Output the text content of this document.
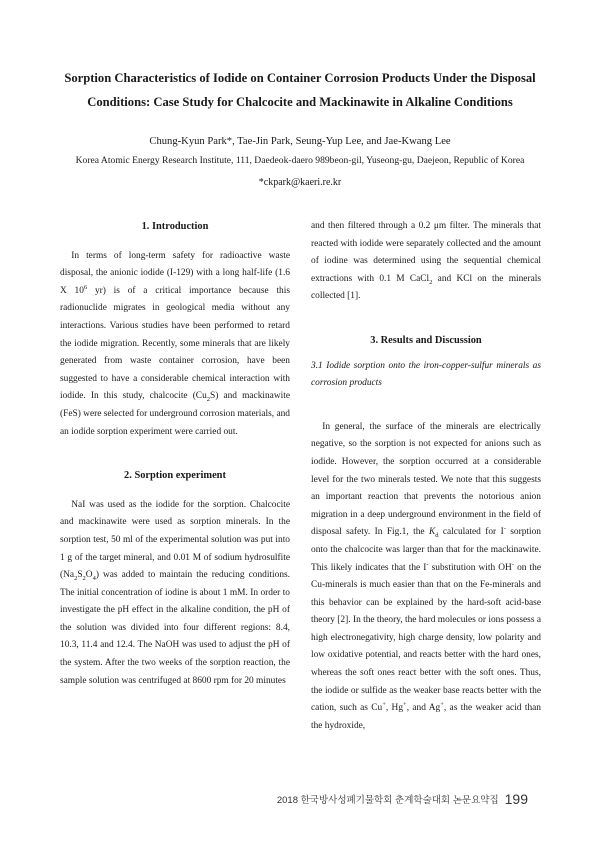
Sorption Characteristics of Iodide on Container Corrosion Products Under the Disposal
Conditions: Case Study for Chalcocite and Mackinawite in Alkaline Conditions
Chung-Kyun Park*, Tae-Jin Park, Seung-Yup Lee, and Jae-Kwang Lee
Korea Atomic Energy Research Institute, 111, Daedeok-daero 989beon-gil, Yuseong-gu, Daejeon, Republic of Korea
*ckpark@kaeri.re.kr
1. Introduction

In terms of long-term safety for radioactive waste disposal, the anionic iodide (I-129) with a long half-life (1.6 X $10^6$ yr) is of a critical importance because this radionuclide migrates in geological media without any interactions. Various studies have been performed to retard the iodide migration. Recently, some minerals that are likely generated from waste container corrosion, have been suggested to have a considerable chemical interaction with iodide. In this study, chalcocite $(Cu_2S)$ and mackinawite (FeS) were selected for underground corrosion materials, and an iodide sorption experiment were carried out.

2. Sorption experiment

NaI was used as the iodide for the sorption. Chalcocite and mackinawite were used as sorption minerals. In the sorption test, 50 ml of the experimental solution was put into 1 g of the target mineral, and 0.01 M of sodium hydrosulfite $(Na_2S_2O_4)$ was added to maintain the reducing conditions. The initial concentration of iodine is about 1 mM. In order to investigate the pH effect in the alkaline condition, the pH of the solution was divided into four different regions: 8.4, 10.3, 11.4 and 12.4. The NaOH was used to adjust the pH of the system. After the two weeks of the sorption reaction, the sample solution was centrifuged at 8600 rpm for 20 minutes

and then filtered through a 0.2 μm filter. The minerals that reacted with iodide were separately collected and the amount of iodine was determined using the sequential chemical extractions with 0.1 M CaCl$_2$ and KCl on the minerals collected [1].

3. Results and Discussion
3.1 Iodide sorption onto the iron-copper-sulfur minerals as corrosion products

In general, the surface of the minerals are electrically negative, so the sorption is not expected for anions such as iodide. However, the sorption occurred at a considerable level for the two minerals tested. We note that this suggests an important reaction that prevents the notorious anion migration in a deep underground environment in the field of disposal safety. In Fig.1, the $K_d$ calculated for I- sorption onto the chalcocite was larger than that for the mackinawite. This likely indicates that the I- substitution with OH- on the Cu-minerals is much easier than that on the Fe-minerals and this behavior can be explained by the hard-soft acid-base theory [2]. In the theory, the hard molecules or ions possess a high electronegativity, high charge density, low polarity and low oxidative potential, and reacts better with the hard ones, whereas the soft ones react better with the soft ones. Thus, the iodide or sulfide as the weaker base reacts better with the cation, such as Cu+, Hg+, and Ag+, as the weaker acid than the hydroxide,

2018 한국방사성폐기물학회 춘계학술대회 논문요약집 199
